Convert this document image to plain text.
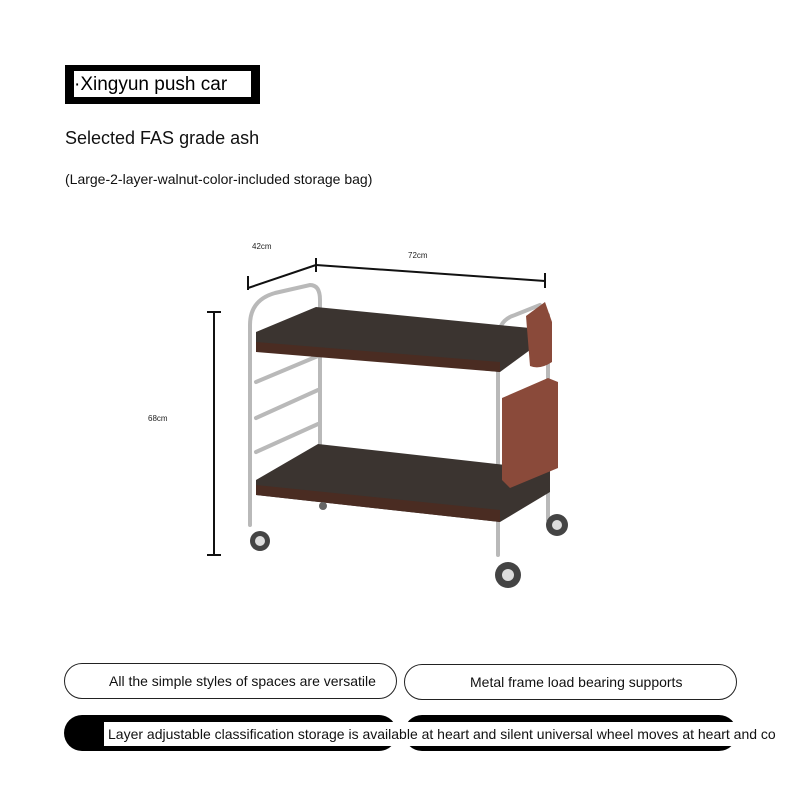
·Xingyun push car
Selected FAS grade ash
(Large-2-layer-walnut-color-included storage bag)
42cm
72cm
68cm
All the simple styles of spaces are versatile	Metal frame load bearing supports
Layer adjustable classification storage is available at heart and silent universal wheel moves at heart and co
